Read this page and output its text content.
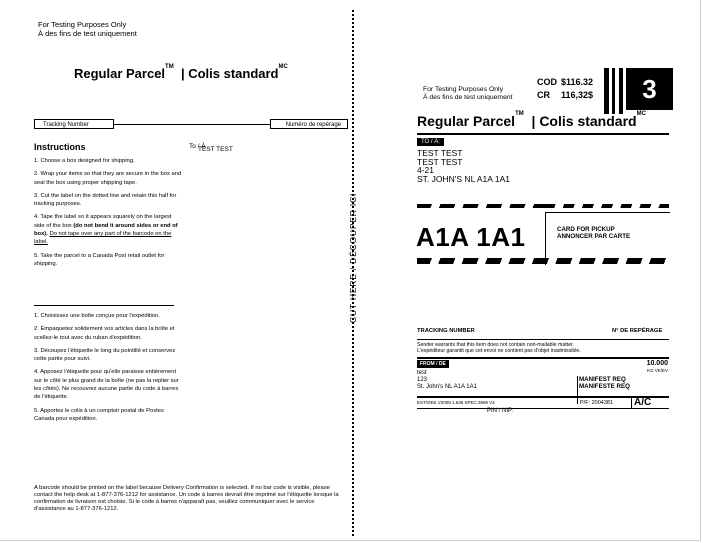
For Testing Purposes Only
À des fins de test uniquement
Regular Parcel™ | Colis standard$^{MC}$
Tracking Number	Numéro de repérage
Instructions

1. Choose a box designed for shipping.

2. Wrap your items so that they are secure in the box and seal the box using proper shipping tape.

3. Cut the label on the dotted line and retain this half for tracking purposes.

4. Tape the label so it appears squarely on the largest side of the box (do not bend it around sides or end of box). Do not tape over any part of the barcode on the label.

5. Take the parcel to a Canada Post retail outlet for shipping.

1. Choisissez une boîte conçue pour l'expédition.

2. Empaquetez solidement vos articles dans la boîte et scellez-le tout avec du ruban d'expédition.

3. Découpez l'étiquette le long du pointillé et conservez cette partie pour suivi.

4. Apposez l'étiquette pour qu'elle paraisse entièrement sur le côté le plus grand de la boîte (ne pas la replier sur les côtés). Ne recouvrez aucune partie du code à barres de l'étiquette.

5. Apportez le colis à un comptoir postal de Postes Canada pour expédition.

To / À
TEST TEST
A barcode should be printed on the label because Delivery Confirmation is selected. If no bar code is visible, please contact the help desk at 1-877-376-1212 for assistance. Un code à barres devrait être imprimé sur l'étiquette lorsque la confirmation de livraison est choisie. Si le code à barres n'apparaît pas, veuillez communiquer avec le service d'assistance au 1-877-376-1212.
CUT HERE / DÉCOUPER ICI
For Testing Purposes Only
À des fins de test uniquement
COD $116.32
CR 116,32$	3
Regular Parcel™ | Colis standard$^{MC}$
TO / À:
TEST TEST
TEST TEST
4-21
ST. JOHN'S NL A1A 1A1
A1A 1A1	CARD FOR PICKUP
ANNONCER PAR CARTE
TRACKING NUMBER	N° DE REPÉRAGE
Sender warrants that this item does not contain non-mailable matter.
L'expéditeur garantit que cet envoi ne contient pas d'objet inadmissible.
FROM / DE
test
123
St. John's NL A1A 1A1
10.000
KG VE/EV
MANIFEST REQ
MANIFESTE REQ
EST/OEE V2009.1.635 SPEC.3696 V2	P/F: 2004381 A/C
PIN / NIP:
